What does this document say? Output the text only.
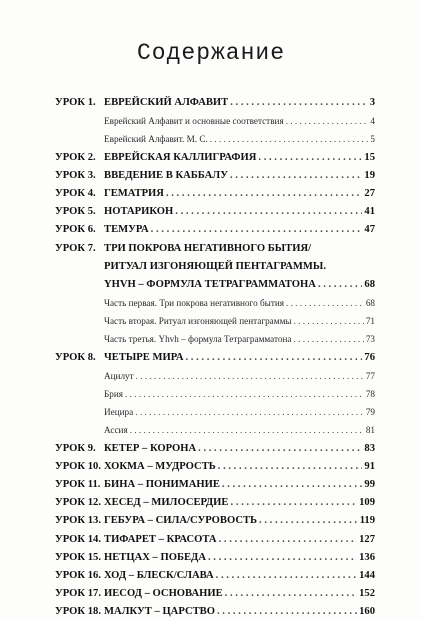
Содержание
УРОК 1. ЕВРЕЙСКИЙ АЛФАВИТ . . .	3
Еврейский Алфавит и основные соответствия . . .	4
Еврейский Алфавит. М. С. . . .	5
УРОК 2. ЕВРЕЙСКАЯ КАЛЛИГРАФИЯ . . .	15
УРОК 3. ВВЕДЕНИЕ В КАББАЛУ . . .	19
УРОК 4. ГЕМАТРИЯ . . .	27
УРОК 5. НОТАРИКОН . . .	41
УРОК 6. ТЕМУРА . . .	47
УРОК 7. ТРИ ПОКРОВА НЕГАТИВНОГО БЫТИЯ/
РИТУАЛ ИЗГОНЯЮЩЕЙ ПЕНТАГРАММЫ.
YHVH – ФОРМУЛА ТЕТРАГРАММАТОНА . . .	68
Часть первая. Три покрова негативного бытия . . .	68
Часть вторая. Ритуал изгоняющей пентаграммы . . .	71
Часть третья. Yhvh – формула Тетраграмматона . . .	73
УРОК 8. ЧЕТЫРЕ МИРА . . .	76
Ацилут . . .	77
Брия . . .	78
Иецира . . .	79
Ассия . . .	81
УРОК 9. КЕТЕР – КОРОНА . . .	83
УРОК 10. ХОКМА – МУДРОСТЬ . . .	91
УРОК 11. БИНА – ПОНИМАНИЕ . . .	99
УРОК 12. ХЕСЕД – МИЛОСЕРДИЕ . . .	109
УРОК 13. ГЕБУРА – СИЛА/СУРОВОСТЬ . . .	119
УРОК 14. ТИФАРЕТ – КРАСОТА . . .	127
УРОК 15. НЕТЦАХ – ПОБЕДА . . .	136
УРОК 16. ХОД – БЛЕСК/СЛАВА . . .	144
УРОК 17. ИЕСОД – ОСНОВАНИЕ . . .	152
УРОК 18. МАЛКУТ – ЦАРСТВО . . .	160
